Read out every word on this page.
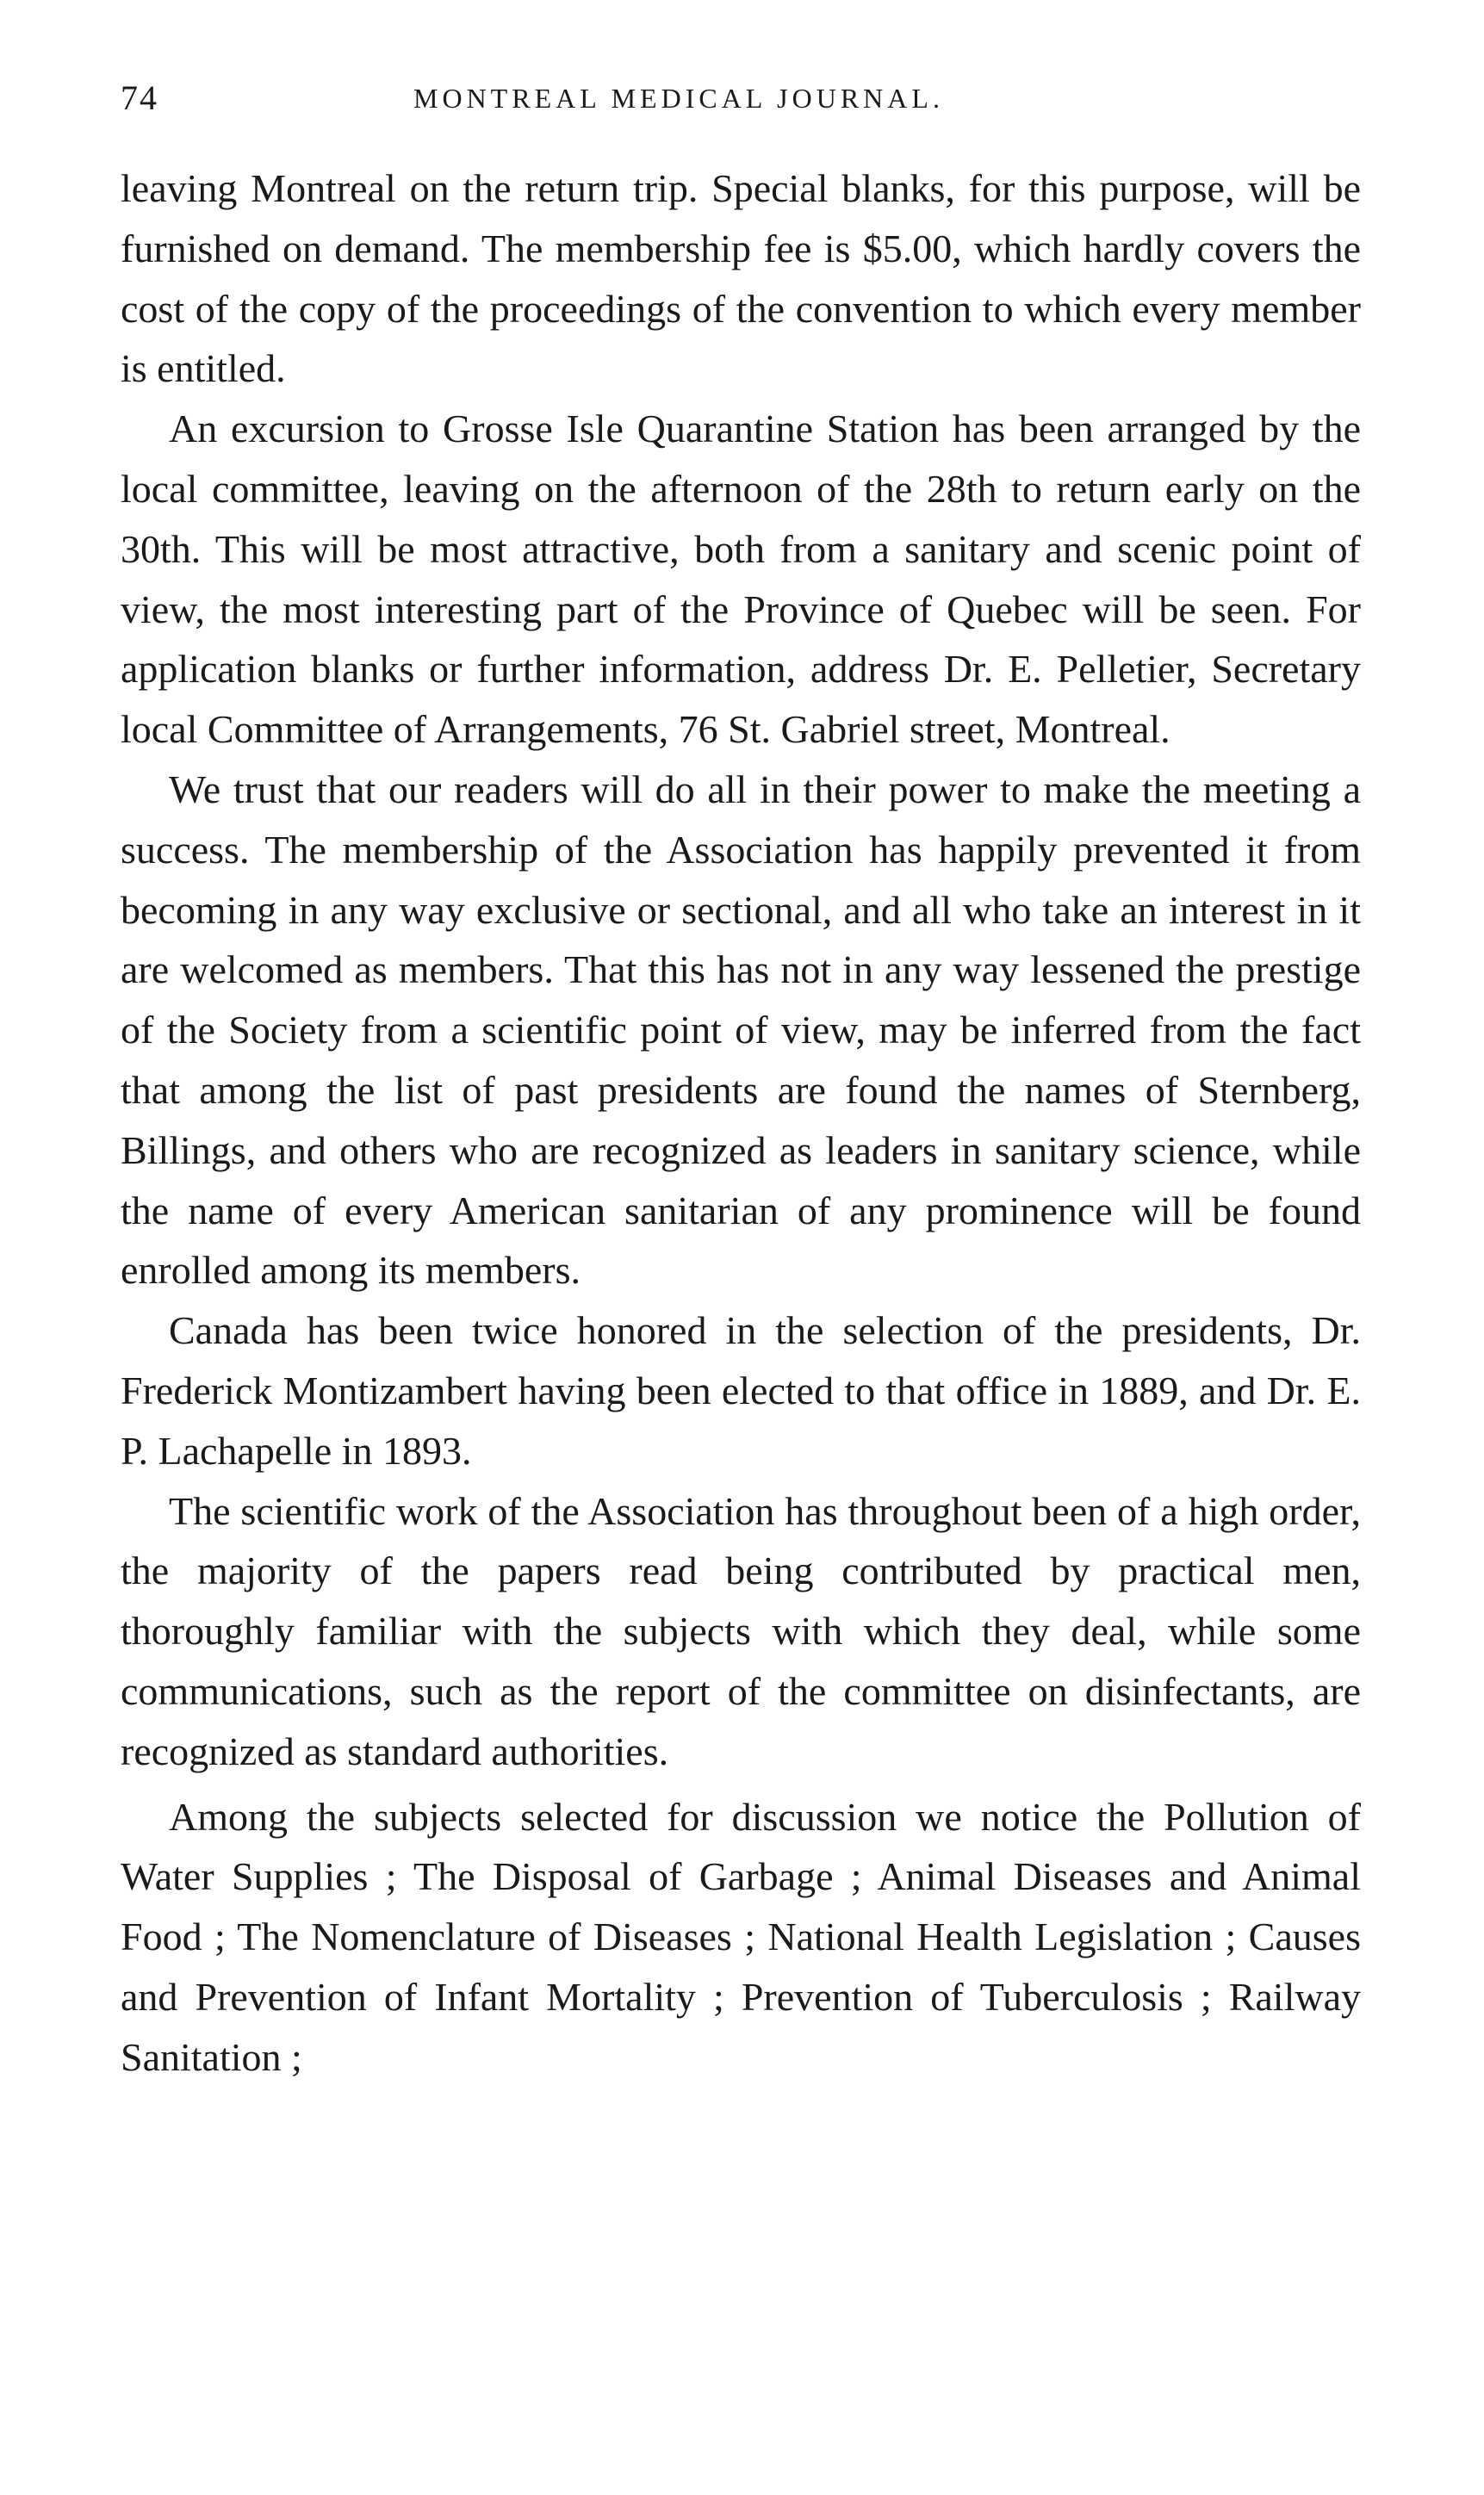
74	MONTREAL MEDICAL JOURNAL.

leaving Montreal on the return trip. Special blanks, for this purpose, will be furnished on demand. The membership fee is $5.00, which hardly covers the cost of the copy of the proceedings of the convention to which every member is entitled.

An excursion to Grosse Isle Quarantine Station has been arranged by the local committee, leaving on the afternoon of the 28th to return early on the 30th. This will be most attractive, both from a sanitary and scenic point of view, the most interesting part of the Province of Quebec will be seen. For application blanks or further information, address Dr. E. Pelletier, Secretary local Committee of Arrangements, 76 St. Gabriel street, Montreal.

We trust that our readers will do all in their power to make the meeting a success. The membership of the Association has happily prevented it from becoming in any way exclusive or sectional, and all who take an interest in it are welcomed as members. That this has not in any way lessened the prestige of the Society from a scientific point of view, may be inferred from the fact that among the list of past presidents are found the names of Sternberg, Billings, and others who are recognized as leaders in sanitary science, while the name of every American sanitarian of any prominence will be found enrolled among its members.

Canada has been twice honored in the selection of the presidents, Dr. Frederick Montizambert having been elected to that office in 1889, and Dr. E. P. Lachapelle in 1893.

The scientific work of the Association has throughout been of a high order, the majority of the papers read being contributed by practical men, thoroughly familiar with the subjects with which they deal, while some communications, such as the report of the committee on disinfectants, are recognized as standard authorities.

Among the subjects selected for discussion we notice the Pollution of Water Supplies ; The Disposal of Garbage ; Animal Diseases and Animal Food ; The Nomenclature of Diseases ; National Health Legislation ; Causes and Prevention of Infant Mortality ; Prevention of Tuberculosis ; Railway Sanitation ;
